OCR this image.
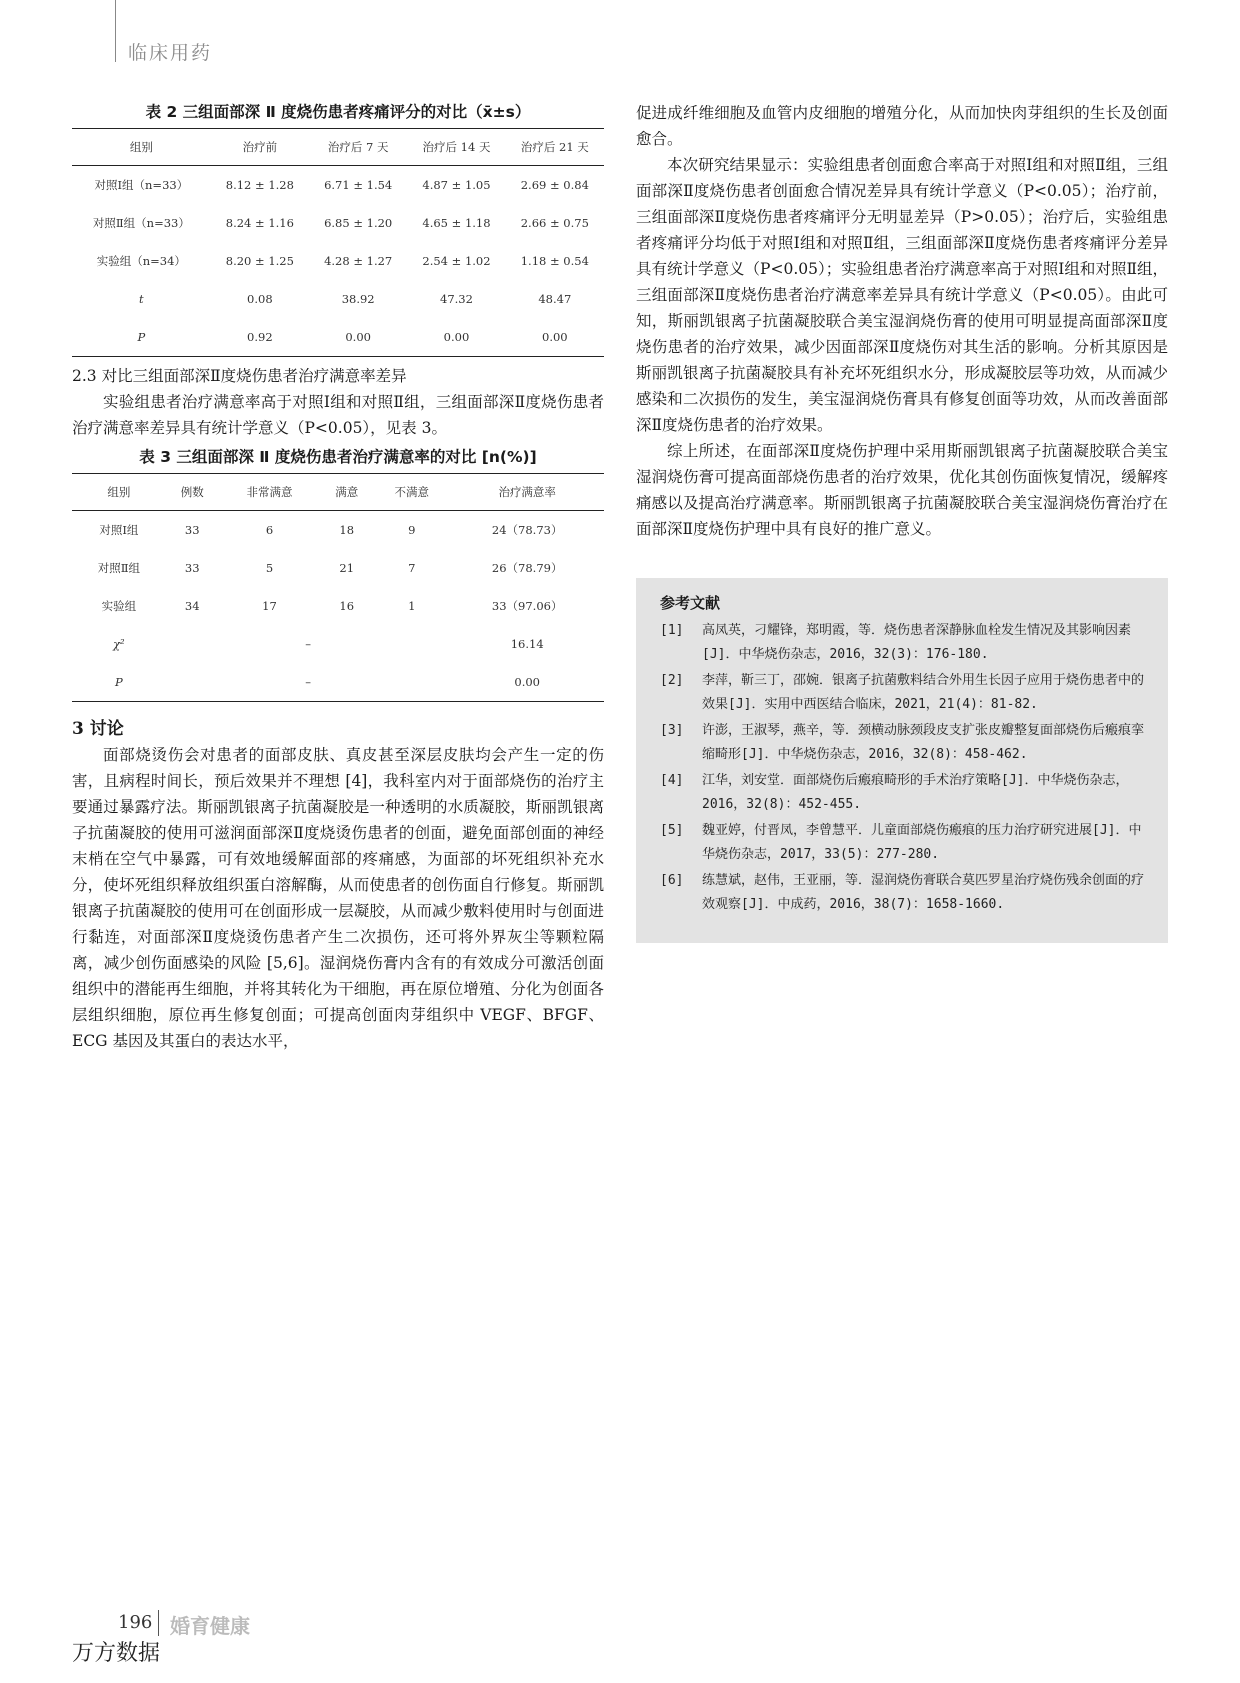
临床用药
表 2 三组面部深 Ⅱ 度烧伤患者疼痛评分的对比（x̄±s）
组别	治疗前	治疗后 7 天	治疗后 14 天	治疗后 21 天
对照Ⅰ组（n=33）	8.12 ± 1.28	6.71 ± 1.54	4.87 ± 1.05	2.69 ± 0.84
对照Ⅱ组（n=33）	8.24 ± 1.16	6.85 ± 1.20	4.65 ± 1.18	2.66 ± 0.75
实验组（n=34）	8.20 ± 1.25	4.28 ± 1.27	2.54 ± 1.02	1.18 ± 0.54
t	0.08	38.92	47.32	48.47
P	0.92	0.00	0.00	0.00

2.3 对比三组面部深Ⅱ度烧伤患者治疗满意率差异

实验组患者治疗满意率高于对照Ⅰ组和对照Ⅱ组，三组面部深Ⅱ度烧伤患者治疗满意率差异具有统计学意义（P<0.05），见表 3。

表 3 三组面部深 Ⅱ 度烧伤患者治疗满意率的对比 [n(%)]
组别	例数	非常满意	满意	不满意	治疗满意率
对照Ⅰ组	33	6	18	9	24（78.73）
对照Ⅱ组	33	5	21	7	26（78.79）
实验组	34	17	16	1	33（97.06）
χ²	–				16.14
P	–				0.00
3 讨论

面部烧烫伤会对患者的面部皮肤、真皮甚至深层皮肤均会产生一定的伤害，且病程时间长，预后效果并不理想 [4]，我科室内对于面部烧伤的治疗主要通过暴露疗法。斯丽凯银离子抗菌凝胶是一种透明的水质凝胶，斯丽凯银离子抗菌凝胶的使用可滋润面部深Ⅱ度烧烫伤患者的创面，避免面部创面的神经末梢在空气中暴露，可有效地缓解面部的疼痛感，为面部的坏死组织补充水分，使坏死组织释放组织蛋白溶解酶，从而使患者的创伤面自行修复。斯丽凯银离子抗菌凝胶的使用可在创面形成一层凝胶，从而减少敷料使用时与创面进行黏连，对面部深Ⅱ度烧烫伤患者产生二次损伤，还可将外界灰尘等颗粒隔离，减少创伤面感染的风险 [5,6]。湿润烧伤膏内含有的有效成分可激活创面组织中的潜能再生细胞，并将其转化为干细胞，再在原位增殖、分化为创面各层组织细胞，原位再生修复创面；可提高创面肉芽组织中 VEGF、BFGF、ECG 基因及其蛋白的表达水平，

促进成纤维细胞及血管内皮细胞的增殖分化，从而加快肉芽组织的生长及创面愈合。

本次研究结果显示：实验组患者创面愈合率高于对照Ⅰ组和对照Ⅱ组，三组面部深Ⅱ度烧伤患者创面愈合情况差异具有统计学意义（P<0.05）；治疗前，三组面部深Ⅱ度烧伤患者疼痛评分无明显差异（P>0.05）；治疗后，实验组患者疼痛评分均低于对照Ⅰ组和对照Ⅱ组，三组面部深Ⅱ度烧伤患者疼痛评分差异具有统计学意义（P<0.05）；实验组患者治疗满意率高于对照Ⅰ组和对照Ⅱ组，三组面部深Ⅱ度烧伤患者治疗满意率差异具有统计学意义（P<0.05）。由此可知，斯丽凯银离子抗菌凝胶联合美宝湿润烧伤膏的使用可明显提高面部深Ⅱ度烧伤患者的治疗效果，减少因面部深Ⅱ度烧伤对其生活的影响。分析其原因是斯丽凯银离子抗菌凝胶具有补充坏死组织水分，形成凝胶层等功效，从而减少感染和二次损伤的发生，美宝湿润烧伤膏具有修复创面等功效，从而改善面部深Ⅱ度烧伤患者的治疗效果。

综上所述，在面部深Ⅱ度烧伤护理中采用斯丽凯银离子抗菌凝胶联合美宝湿润烧伤膏可提高面部烧伤患者的治疗效果，优化其创伤面恢复情况，缓解疼痛感以及提高治疗满意率。斯丽凯银离子抗菌凝胶联合美宝湿润烧伤膏治疗在面部深Ⅱ度烧伤护理中具有良好的推广意义。

参考文献
[1]	高凤英，刁耀锋，郑明霞，等．烧伤患者深静脉血栓发生情况及其影响因素[J]．中华烧伤杂志，2016，32(3)：176-180.
[2]	李萍，靳三丁，邵婉．银离子抗菌敷料结合外用生长因子应用于烧伤患者中的效果[J]．实用中西医结合临床，2021，21(4)：81-82.
[3]	许澎，王淑琴，燕辛，等．颈横动脉颈段皮支扩张皮瓣整复面部烧伤后瘢痕挛缩畸形[J]．中华烧伤杂志，2016，32(8)：458-462.
[4]	江华，刘安堂．面部烧伤后瘢痕畸形的手术治疗策略[J]．中华烧伤杂志，2016，32(8)：452-455.
[5]	魏亚婷，付晋凤，李曾慧平．儿童面部烧伤瘢痕的压力治疗研究进展[J]．中华烧伤杂志，2017，33(5)：277-280.
[6]	练慧斌，赵伟，王亚丽，等．湿润烧伤膏联合莫匹罗星治疗烧伤残余创面的疗效观察[J]．中成药，2016，38(7)：1658-1660.
196 婚育健康
万方数据
